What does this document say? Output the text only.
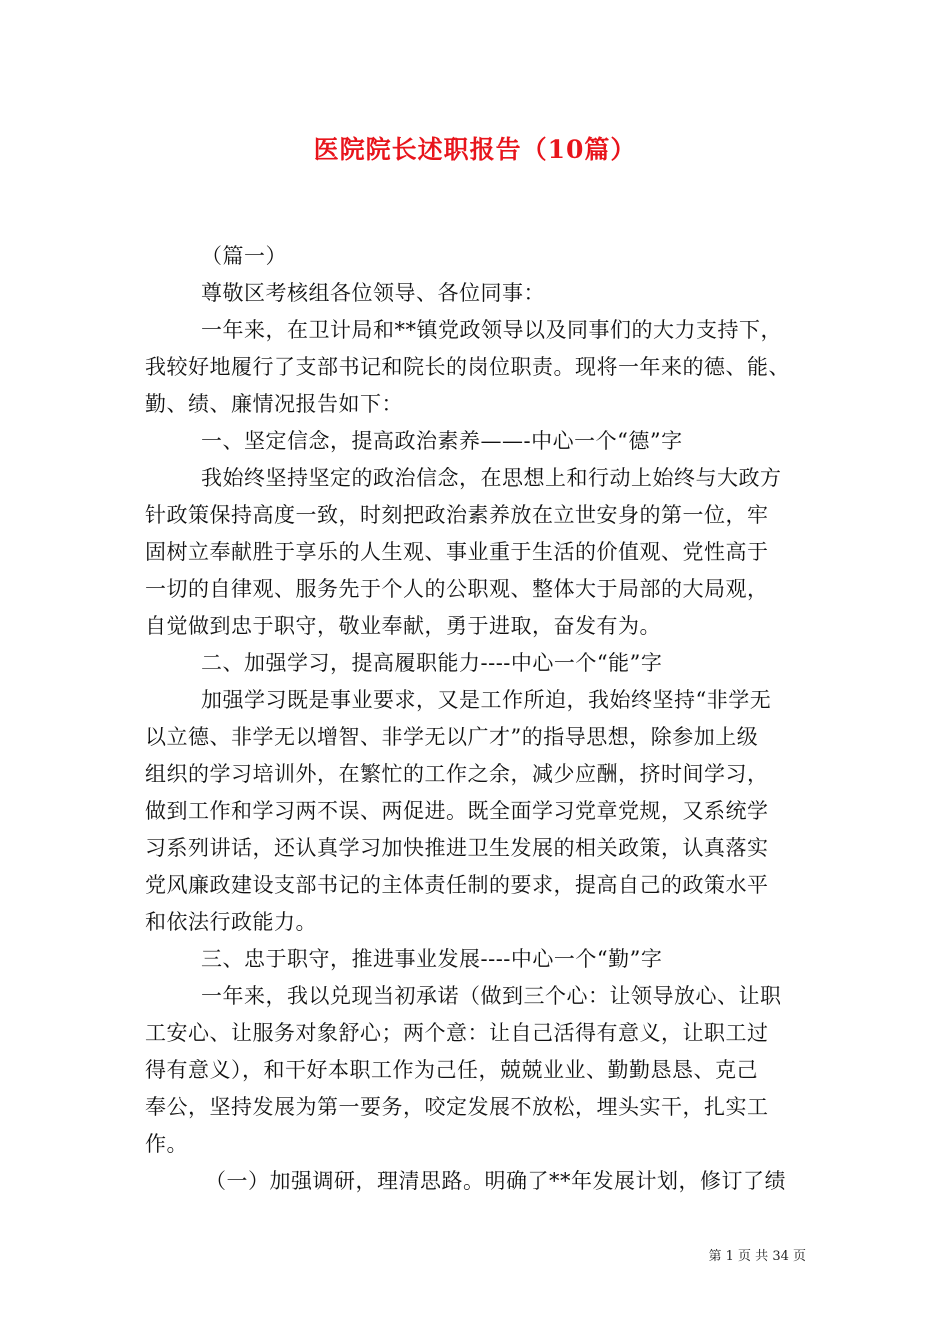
医院院长述职报告（10篇）
（篇一）
尊敬区考核组各位领导、各位同事：
一年来，在卫计局和**镇党政领导以及同事们的大力支持下，
我较好地履行了支部书记和院长的岗位职责。现将一年来的德、能、
勤、绩、廉情况报告如下：
一、坚定信念，提高政治素养——-中心一个“德”字
我始终坚持坚定的政治信念，在思想上和行动上始终与大政方
针政策保持高度一致，时刻把政治素养放在立世安身的第一位，牢
固树立奉献胜于享乐的人生观、事业重于生活的价值观、党性高于
一切的自律观、服务先于个人的公职观、整体大于局部的大局观，
自觉做到忠于职守，敬业奉献，勇于进取，奋发有为。
二、加强学习，提高履职能力----中心一个“能”字
加强学习既是事业要求，又是工作所迫，我始终坚持“非学无
以立德、非学无以增智、非学无以广才”的指导思想，除参加上级
组织的学习培训外，在繁忙的工作之余，减少应酬，挤时间学习，
做到工作和学习两不误、两促进。既全面学习党章党规，又系统学
习系列讲话，还认真学习加快推进卫生发展的相关政策，认真落实
党风廉政建设支部书记的主体责任制的要求，提高自己的政策水平
和依法行政能力。
三、忠于职守，推进事业发展----中心一个“勤”字
一年来，我以兑现当初承诺（做到三个心：让领导放心、让职
工安心、让服务对象舒心；两个意：让自己活得有意义，让职工过
得有意义），和干好本职工作为己任，兢兢业业、勤勤恳恳、克己
奉公，坚持发展为第一要务，咬定发展不放松，埋头实干，扎实工
作。
（一）加强调研，理清思路。明确了**年发展计划，修订了绩
第 1 页 共 34 页
